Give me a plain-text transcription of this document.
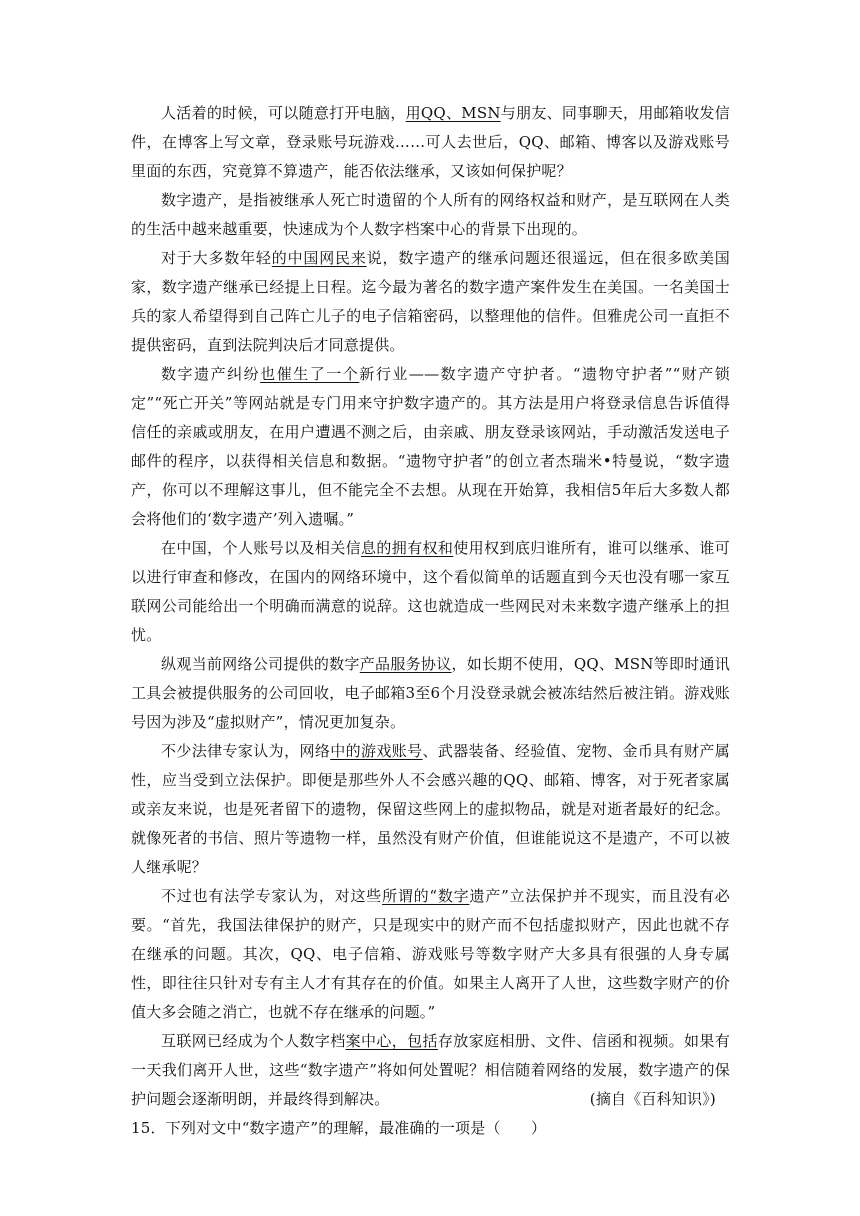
人活着的时候，可以随意打开电脑，用QQ、MSN与朋友、同事聊天，用邮箱收发信件，在博客上写文章，登录账号玩游戏……可人去世后，QQ、邮箱、博客以及游戏账号里面的东西，究竟算不算遗产，能否依法继承，又该如何保护呢？

数字遗产，是指被继承人死亡时遗留的个人所有的网络权益和财产，是互联网在人类的生活中越来越重要，快速成为个人数字档案中心的背景下出现的。

对于大多数年轻的中国网民来说，数字遗产的继承问题还很遥远，但在很多欧美国家，数字遗产继承已经提上日程。迄今最为著名的数字遗产案件发生在美国。一名美国士兵的家人希望得到自己阵亡儿子的电子信箱密码，以整理他的信件。但雅虎公司一直拒不提供密码，直到法院判决后才同意提供。

数字遗产纠纷也催生了一个新行业——数字遗产守护者。“遗物守护者”“财产锁定”“死亡开关”等网站就是专门用来守护数字遗产的。其方法是用户将登录信息告诉值得信任的亲戚或朋友，在用户遭遇不测之后，由亲戚、朋友登录该网站，手动激活发送电子邮件的程序，以获得相关信息和数据。“遗物守护者”的创立者杰瑞米•特曼说，“数字遗产，你可以不理解这事儿，但不能完全不去想。从现在开始算，我相信5年后大多数人都会将他们的‘数字遗产’列入遗嘱。”

在中国，个人账号以及相关信息的拥有权和使用权到底归谁所有，谁可以继承、谁可以进行审查和修改，在国内的网络环境中，这个看似简单的话题直到今天也没有哪一家互联网公司能给出一个明确而满意的说辞。这也就造成一些网民对未来数字遗产继承上的担忧。

纵观当前网络公司提供的数字产品服务协议，如长期不使用，QQ、MSN等即时通讯工具会被提供服务的公司回收，电子邮箱3至6个月没登录就会被冻结然后被注销。游戏账号因为涉及“虚拟财产”，情况更加复杂。

不少法律专家认为，网络中的游戏账号、武器装备、经验值、宠物、金币具有财产属性，应当受到立法保护。即便是那些外人不会感兴趣的QQ、邮箱、博客，对于死者家属或亲友来说，也是死者留下的遗物，保留这些网上的虚拟物品，就是对逝者最好的纪念。就像死者的书信、照片等遗物一样，虽然没有财产价值，但谁能说这不是遗产，不可以被人继承呢？

不过也有法学专家认为，对这些所谓的“数字遗产”立法保护并不现实，而且没有必要。“首先，我国法律保护的财产，只是现实中的财产而不包括虚拟财产，因此也就不存在继承的问题。其次，QQ、电子信箱、游戏账号等数字财产大多具有很强的人身专属性，即往往只针对专有主人才有其存在的价值。如果主人离开了人世，这些数字财产的价值大多会随之消亡，也就不存在继承的问题。”

互联网已经成为个人数字档案中心，包括存放家庭相册、文件、信函和视频。如果有一天我们离开人世，这些“数字遗产”将如何处置呢？相信随着网络的发展，数字遗产的保护问题会逐渐明朗，并最终得到解决。	(摘自《百科知识》)

15．下列对文中“数字遗产”的理解，最准确的一项是（　　）
